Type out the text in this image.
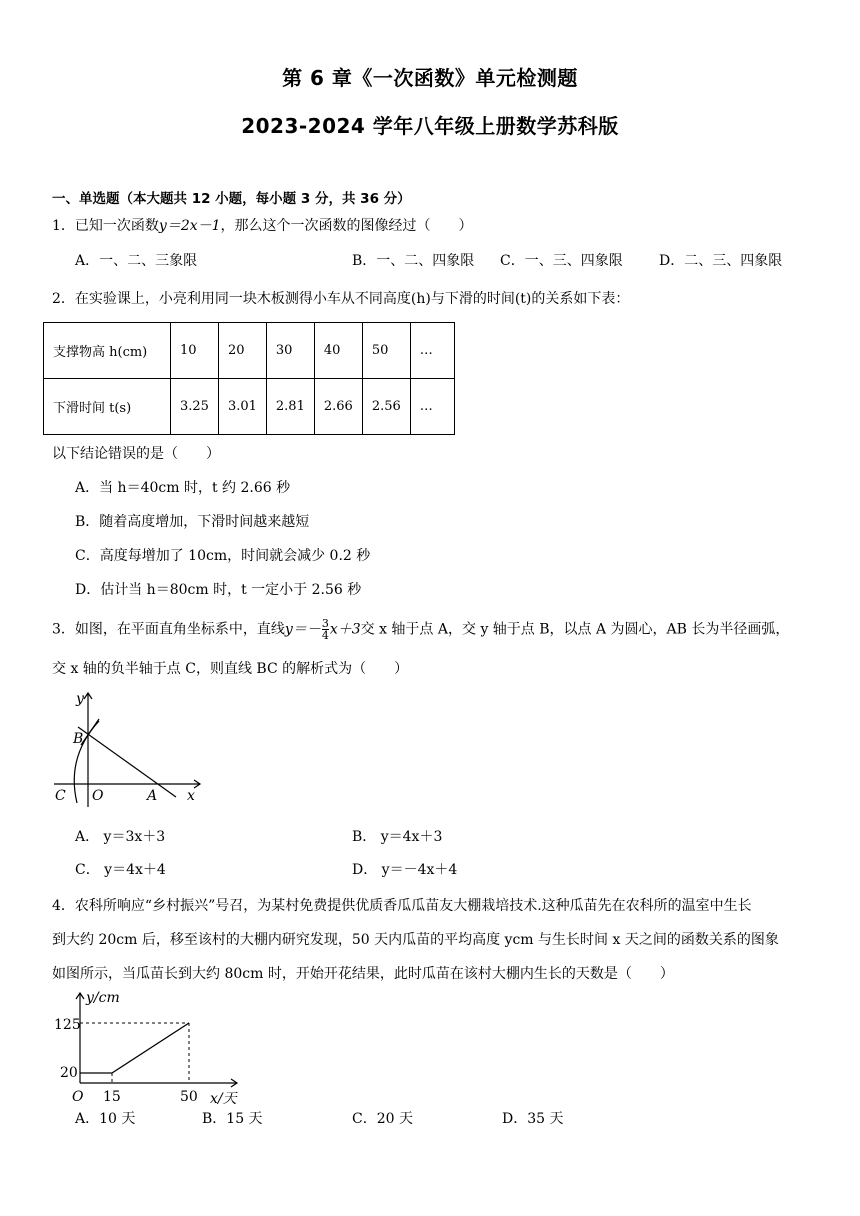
第 6 章《一次函数》单元检测题
2023-2024 学年八年级上册数学苏科版
一、单选题（本大题共 12 小题，每小题 3 分，共 36 分）
1．已知一次函数y＝2x－1，那么这个一次函数的图像经过（　　）
A．一、二、三象限	B．一、二、四象限 C．一、三、四象限	D．二、三、四象限
2．在实验课上，小亮利用同一块木板测得小车从不同高度(h)与下滑的时间(t)的关系如下表：
支撑物高 h(cm)	10	20	30	40	50	…
下滑时间 t(s)	3.25	3.01	2.81	2.66	2.56	…
以下结论错误的是（　　）
A．当 h＝40cm 时，t 约 2.66 秒
B．随着高度增加，下滑时间越来越短
C．高度每增加了 10cm，时间就会减少 0.2 秒
D．估计当 h＝80cm 时，t 一定小于 2.56 秒
3．如图，在平面直角坐标系中，直线$y=- \frac{3}{4} x+3$交 x 轴于点 A，交 y 轴于点 B，以点 A 为圆心，AB 长为半径画弧，
交 x 轴的负半轴于点 C，则直线 BC 的解析式为（　　）
y
B
C O	A x
A． y＝3x＋3	B． y＝4x＋3
C． y＝4x＋4	D． y＝－4x＋4
4．农科所响应“乡村振兴”号召，为某村免费提供优质香瓜瓜苗友大棚栽培技术.这种瓜苗先在农科所的温室中生长
到大约 20cm 后，移至该村的大棚内研究发现，50 天内瓜苗的平均高度 ycm 与生长时间 x 天之间的函数关系的图象
如图所示，当瓜苗长到大约 80cm 时，开始开花结果，此时瓜苗在该村大棚内生长的天数是（　　）
y/cm
125
20
O 15	50 x/天
A．10 天	B．15 天	C．20 天	D．35 天
